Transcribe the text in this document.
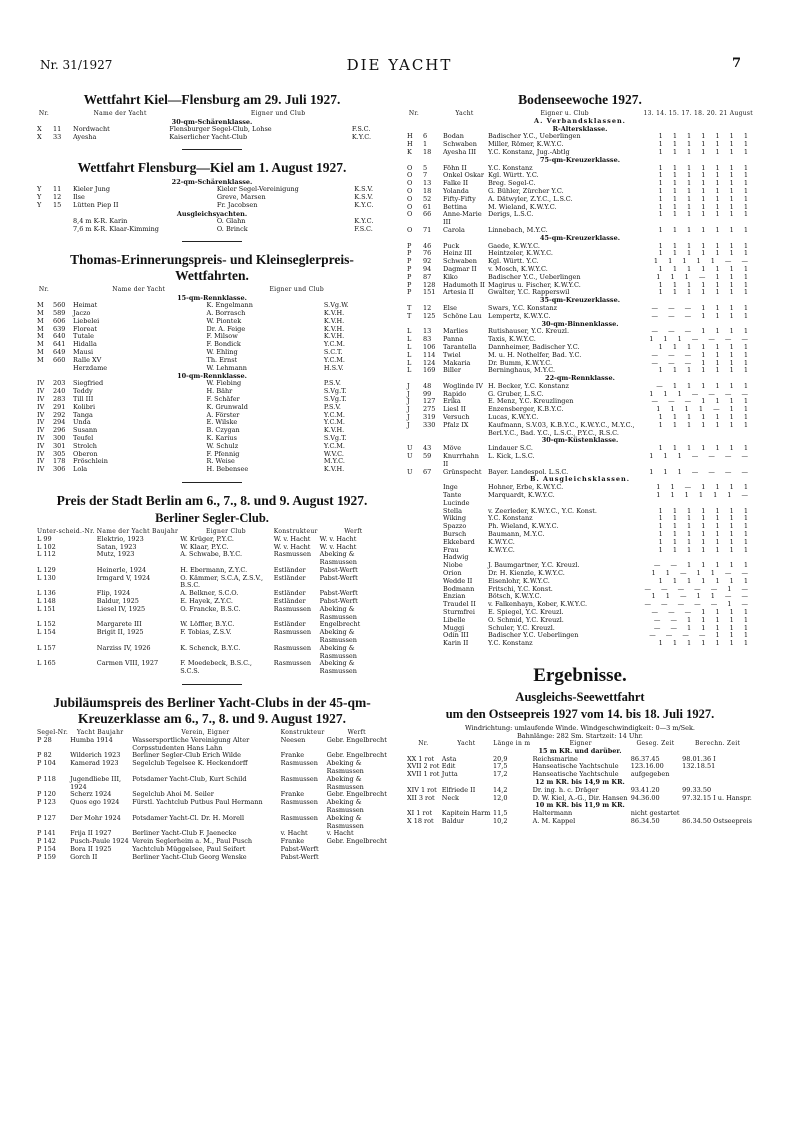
Nr. 31/1927	DIE YACHT	7
Wettfahrt Kiel—Flensburg am 29. Juli 1927.
Nr.		Name der Yacht	Eigner und Club	
30-qm-Schärenklasse.				
X	11	Nordwacht	Flensburger Segel-Club, Lohse	F.S.C.
X	33	Ayesha	Kaiserlicher Yacht-Club	K.Y.C.
Wettfahrt Flensburg—Kiel am 1. August 1927.
22-qm-Schärenklasse.				
Y	11	Kieler Jung	Kieler Segel-Vereinigung	K.S.V.
Y	12	Ilse	Greve, Marsen	K.S.V.
Y	15	Lütten Piep II	Fr. Jacobsen	K.Y.C.
Ausgleichsyachten.				
		8,4 m K-R. Karin	O. Glahn	K.Y.C.
		7,6 m K-R. Klaar-Kimming	O. Brinck	F.S.C.
Thomas-Erinnerungspreis- und Kleinseglerpreis-Wettfahrten.
Nr.		Name der Yacht	Eigner und Club	
15-qm-Rennklasse.				
M	560	Heimat	K. Engelmann	S.Vg.W.
M	589	Jaczo	A. Borrasch	K.V.H.
M	606	Liebelei	W. Piontek	K.V.H.
M	639	Floreat	Dr. A. Feige	K.V.H.
M	640	Tutale	F. Milsow	K.V.H.
M	641	Hidalla	F. Bondick	Y.C.M.
M	649	Mausi	W. Ehling	S.C.T.
M	660	Ralle XV	Th. Ernst	Y.C.M.
		Herzdame	W. Lehmann	H.S.V.
10-qm-Rennklasse.				
IV	203	Siegfried	W. Fiebing	P.S.V.
IV	240	Teddy	H. Bähr	S.Vg.T.
IV	283	Till III	F. Schäfer	S.Vg.T.
IV	291	Kolibri	K. Grunwald	P.S.V.
IV	292	Tanga	A. Förster	Y.C.M.
IV	294	Unda	E. Wilske	Y.C.M.
IV	296	Susann	B. Czygan	K.V.H.
IV	300	Teufel	K. Karius	S.Vg.T.
IV	301	Strolch	W. Schulz	Y.C.M.
IV	305	Oberon	F. Pfennig	W.V.C.
IV	178	Fröschlein	R. Weise	M.Y.C.
IV	306	Lola	H. Bebensee	K.V.H.
Preis der Stadt Berlin am 6., 7., 8. und 9. August 1927.
Berliner Segler-Club.
Unter-scheid.-Nr.	Name der Yacht Baujahr	Eigner Club	Konstrukteur	Werft
L 99	Elektrio, 1923	W. Krüger, P.Y.C.	W. v. Hacht	W. v. Hacht
L 102	Satan, 1923	W. Klaar, P.Y.C.	W. v. Hacht	W. v. Hacht
L 112	Mutz, 1923	A. Schwabe, B.Y.C.	Rasmussen	Abeking & Rasmussen
L 129	Heinerle, 1924	H. Ebermann, Z.Y.C.	Estländer	Pabst-Werft
L 130	Irmgard V, 1924	O. Kämmer, S.C.A, Z.S.V., B.S.C.	Estländer	Pabst-Werft
L 136	Flip, 1924	A. Belkner, S.C.O.	Estländer	Pabst-Werft
L 148	Baldur, 1925	E. Hayek, Z.Y.C.	Estländer	Pabst-Werft
L 151	Liesel IV, 1925	O. Francke, B.S.C.	Rasmussen	Abeking & Rasmussen
L 152	Margarete III	W. Löffler, B.Y.C.	Estländer	Engelbrecht
L 154	Brigit II, 1925	F. Tobias, Z.S.V.	Rasmussen	Abeking & Rasmussen
L 157	Narziss IV, 1926	K. Schenck, B.Y.C.	Rasmussen	Abeking & Rasmussen
L 165	Carmen VIII, 1927	F. Moedebeck, B.S.C., S.C.S.	Rasmussen	Abeking & Rasmussen
Jubiläumspreis des Berliner Yacht-Clubs in der 45-qm-Kreuzerklasse am 6., 7., 8. und 9. August 1927.
Segel-Nr.	Yacht Baujahr	Verein, Eigner	Konstrukteur	Werft
P 28	Humba 1914	Wassersportliche Vereinigung Alter Corpsstudenten Hans Lahn	Neesen	Gebr. Engelbrecht
P 82	Wilderich 1923	Berliner Segler-Club Erich Wilde	Franke	Gebr. Engelbrecht
P 104	Kamerad 1923	Segelclub Tegelsee K. Heckendorff	Rasmussen	Abeking & Rasmussen
P 118	Jugendliebe III, 1924	Potsdamer Yacht-Club, Kurt Schild	Rasmussen	Abeking & Rasmussen
P 120	Scherz 1924	Segelclub Ahoi M. Seiler	Franke	Gebr. Engelbrecht
P 123	Quos ego 1924	Fürstl. Yachtclub Putbus Paul Hermann	Rasmussen	Abeking & Rasmussen
P 127	Der Mohr 1924	Potsdamer Yacht-Cl. Dr. H. Morell	Rasmussen	Abeking & Rasmussen
P 141	Frija II 1927	Berliner Yacht-Club F. Jaenecke	v. Hacht	v. Hacht
P 142	Pusch-Paule 1924	Verein Seglerheim a. M., Paul Pusch	Franke	Gebr. Engelbrecht
P 154	Bora II 1925	Yachtclub Müggelsee, Paul Seifert	Pabst-Werft	
P 159	Gorch II	Berliner Yacht-Club Georg Wenske	Pabst-Werft	
Bodenseewoche 1927.
Nr.		Yacht	Eigner u. Club	13. 14. 15. 17. 18. 20. 21 August
A. Verbandsklassen.				
R-Altersklasse.				
H	6	Bodan	Badischer Y.C., Ueberlingen	1 1 1 1 1 1 1
H	1	Schwaben	Miller, Römer, K.W.Y.C.	1 1 1 1 1 1 1
K	18	Ayesha III	Y.C. Konstanz, Jug.-Abtlg	1 1 1 1 1 1 1
75-qm-Kreuzerklasse.				
O	5	Föhn II	Y.C. Konstanz	1 1 1 1 1 1 1
O	7	Onkel Oskar	Kgl. Württ. Y.C.	1 1 1 1 1 1 1
O	13	Falke II	Breg. Segel-C.	1 1 1 1 1 1 1
O	18	Yolanda	G. Bühler, Zürcher Y.C.	1 1 1 1 1 1 1
O	52	Fifty-Fifty	A. Dätwyler, Z.Y.C., L.S.C.	1 1 1 1 1 1 1
O	61	Bettina	M. Wieland, K.W.Y.C.	1 1 1 1 1 1 1
O	66	Anne-Marie III	Derigs, L.S.C.	1 1 1 1 1 1 1
O	71	Carola	Linnebach, M.Y.C.	1 1 1 1 1 1 1
45-qm-Kreuzerklasse.				
P	46	Puck	Gaede, K.W.Y.C.	1 1 1 1 1 1 1
P	76	Heinz III	Heintzeler, K.W.Y.C.	1 1 1 1 1 1 1
P	92	Schwaben	Kgl. Württ. Y.C.	1 1 1 1 1 — —
P	94	Dagmar II	v. Mosch, K.W.Y.C.	1 1 1 1 1 1 1
P	87	Kiko	Badischer Y.C., Ueberlingen	1 1 1 — 1 1 1
P	128	Hadumoth II	Magirus u. Fischer, K.W.Y.C.	1 1 1 1 1 1 1
P	151	Artesia II	Gwalter, Y.C. Rapperswil	1 1 1 1 1 1 1
35-qm-Kreuzerklasse.				
T	12	Else	Swars, Y.C. Konstanz	— — — 1 1 1 1
T	125	Schöne Lau	Lempertz, K.W.Y.C.	— — — 1 1 1 1
30-qm-Binnenklasse.				
L	13	Marlies	Rutishauser, Y.C. Kreuzl.	— — — 1 1 1 1
L	83	Panna	Taxis, K.W.Y.C.	1 1 1 — — — —
L	106	Tarantella	Dannheimer, Badischer Y.C.	1 1 1 1 1 1 1
L	114	Twiel	M. u. H. Nothelfer, Bad. Y.C.	— — — 1 1 1 1
L	124	Makaria	Dr. Bumm, K.W.Y.C.	— — — 1 1 1 1
L	169	Biller	Berninghaus, M.Y.C.	1 1 1 1 1 1 1
22-qm-Rennklasse.				
J	48	Woglinde IV	H. Becker, Y.C. Konstanz	— 1 1 1 1 1 1
J	99	Rapido	G. Gruber, L.S.C.	1 1 1 — — — —
J	127	Erika	E. Menz, Y.C. Kreuzlingen	— — — 1 1 1 1
J	275	Liesl II	Enzensberger, K.B.Y.C.	1 1 1 1 — 1 1
J	319	Versuch	Lucas, K.W.Y.C.	1 1 1 1 1 1 1
J	330	Pfalz IX	Kaufmann, S.V.03, K.B.Y.C., K.W.Y.C., M.Y.C., Berl.Y.C., Bad. Y.C., L.S.C., P.Y.C., R.S.C.	1 1 1 1 1 1 1
30-qm-Küstenklasse.				
U	43	Möve	Lindauer S.C.	1 1 1 1 1 1 1
U	59	Knurrhahn II	L. Kick, L.S.C.	1 1 1 — — — —
U	67	Grünspecht	Bayer. Landespol. L.S.C.	1 1 1 — — — —
B. Ausgleichsklassen.				
		Inge	Hohner, Erbe, K.W.Y.C.	1 1 — 1 1 1 1
		Tante Lucinde	Marquardt, K.W.Y.C.	1 1 1 1 1 1 —
		Stella	v. Zeerleder, K.W.Y.C., Y.C. Konst.	1 1 1 1 1 1 1
		Wiking	Y.C. Konstanz	1 1 1 1 1 1 1
		Spazzo	Ph. Wieland, K.W.Y.C.	1 1 1 1 1 1 1
		Bursch	Baumann, M.Y.C.	1 1 1 1 1 1 1
		Ekkebard	K.W.Y.C.	1 1 1 1 1 1 1
		Frau Hadwig	K.W.Y.C.	1 1 1 1 1 1 1
		Niobe	J. Baumgartner, Y.C. Kreuzl.	— — 1 1 1 1 1
		Orion	Dr. H. Kienzle, K.W.Y.C.	1 1 — 1 1 — —
		Wedde II	Eisenlohr, K.W.Y.C.	1 1 1 1 1 1 1
		Bodmann	Fritschi, Y.C. Konst.	— — — — — 1 —
		Enzian	Bötsch, K.W.Y.C.	1 1 — 1 1 — —
		Traudel II	v. Falkenhayn, Kober, K.W.Y.C.	— — — — — 1 —
		Sturmfrei	E. Spiegel, Y.C. Kreuzl.	— — — 1 1 1 1
		Libelle	O. Schmid, Y.C. Kreuzl.	— — 1 1 1 1 1
		Muggi	Schuler, Y.C. Kreuzl.	— — 1 1 1 1 1
		Odin III	Badischer Y.C. Ueberlingen	— — — — 1 1 1
		Karin II	Y.C. Konstanz	1 1 1 1 1 1 1
Ergebnisse.
Ausgleichs-Seewettfahrt
um den Ostseepreis 1927 vom 14. bis 18. Juli 1927.
Windrichtung: umlaufende Winde. Windgeschwindigkeit: 0—3 m/Sek.
Bahnlänge: 282 Sm. Startzeit: 14 Uhr.
Nr.	Yacht	Länge in m	Eigner	Geseg. Zeit	Berechn. Zeit
15 m KR. und darüber.					
XX 1 rot	Asta	20,9	Reichsmarine	86.37.45	98.01.36 I
XVII 2 rot	Edit	17,5	Hanseatische Yachtschule	123.16.00	132.18.51
XVII 1 rot	Jutta	17,2	Hanseatische Yachtschule	aufgegeben	
12 m KR. bis 14,9 m KR.					
XIV 1 rot	Elfriede II	14,2	Dr. ing. h. c. Dräger	93.41.20	99.33.50
XII 3 rot	Neck	12,0	D. W. Kiel, A.-G., Dir. Hansen	94.36.00	97.32.15 I u. Hanspr.
10 m KR. bis 11,9 m KR.					
XI 1 rot	Kapitein Harm	11,5	Haltermann	nicht gestartet	
X 18 rot	Baldur	10,2	A. M. Kappel	86.34.50	86.34.50 Ostseepreis
